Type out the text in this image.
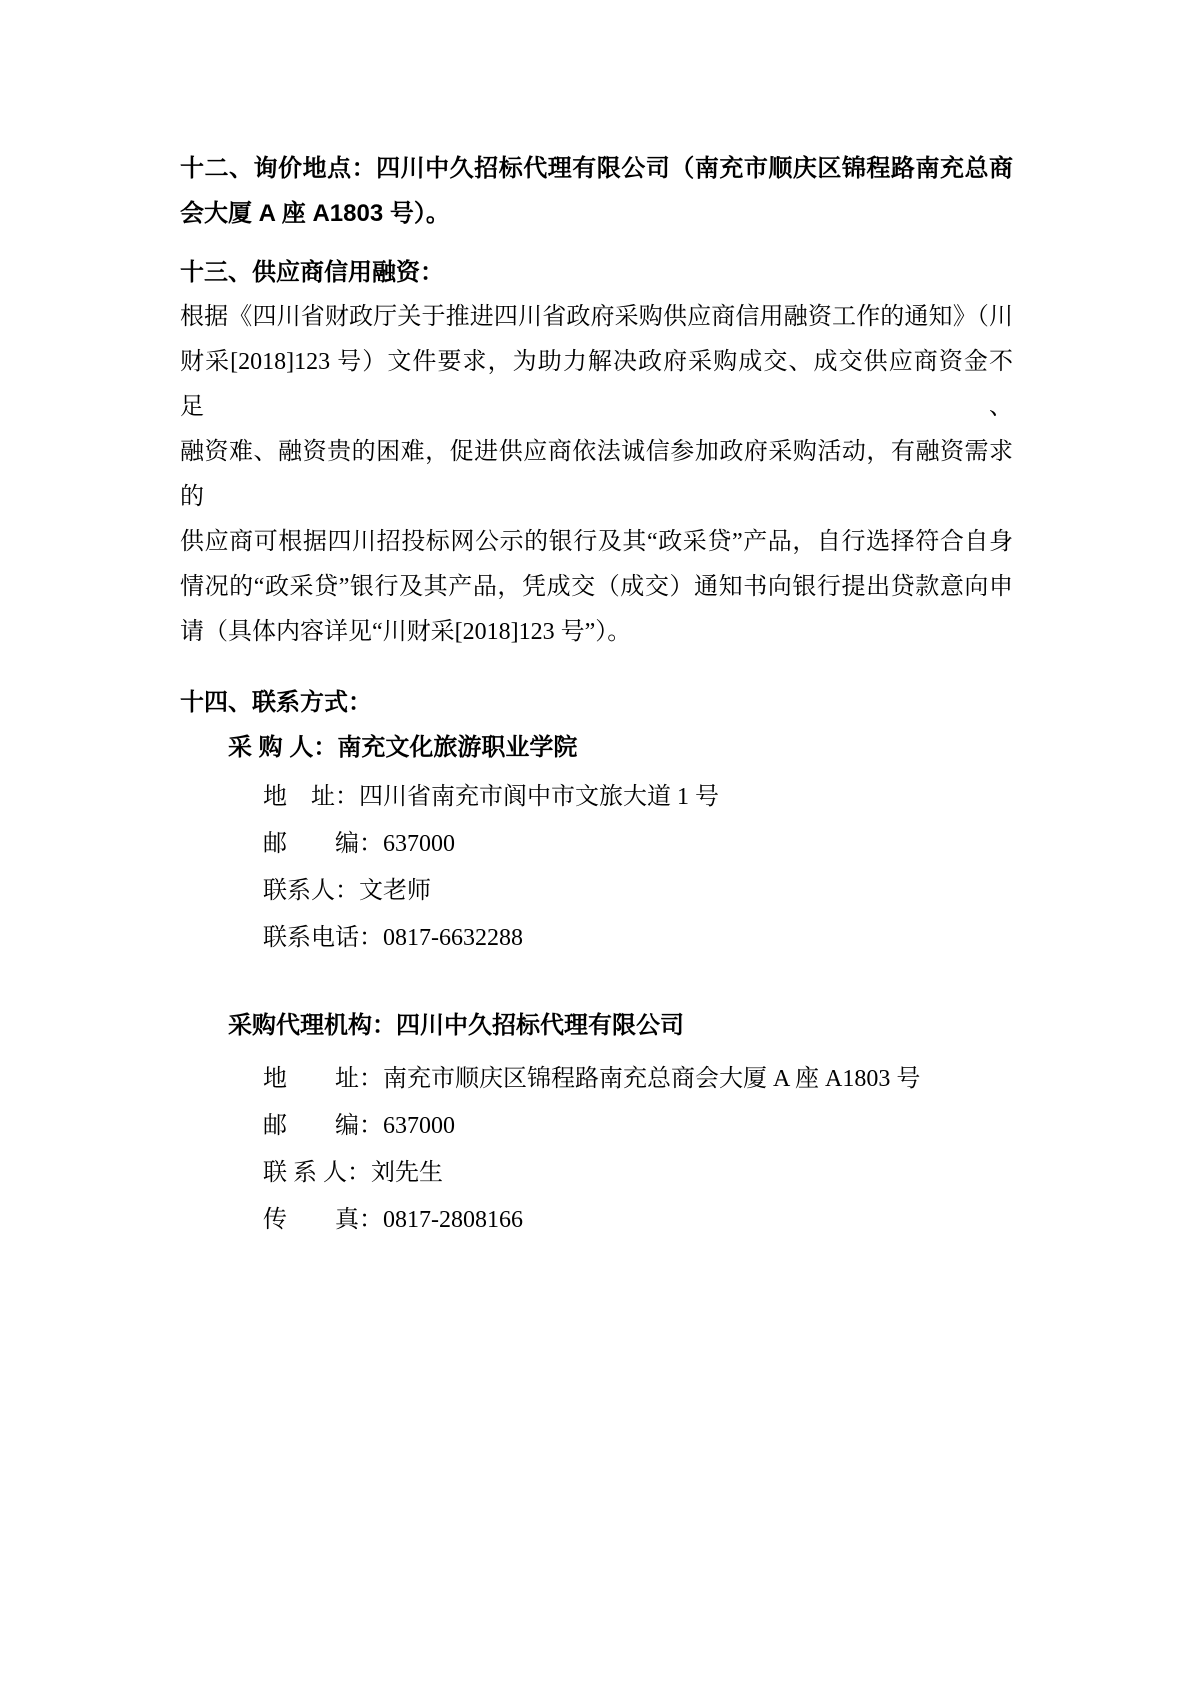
十二、询价地点：四川中久招标代理有限公司（南充市顺庆区锦程路南充总商
会大厦 A 座 A1803 号）。
十三、供应商信用融资：
根据《四川省财政厅关于推进四川省政府采购供应商信用融资工作的通知》（川
财采[2018]123 号）文件要求，为助力解决政府采购成交、成交供应商资金不足、
融资难、融资贵的困难，促进供应商依法诚信参加政府采购活动，有融资需求的
供应商可根据四川招投标网公示的银行及其“政采贷”产品，自行选择符合自身
情况的“政采贷”银行及其产品，凭成交（成交）通知书向银行提出贷款意向申
请（具体内容详见“川财采[2018]123 号”）。
十四、联系方式：
采 购 人：南充文化旅游职业学院
地　址：四川省南充市阆中市文旅大道 1 号
邮　　编：637000
联系人：文老师
联系电话：0817-6632288
采购代理机构：四川中久招标代理有限公司
地　　址：南充市顺庆区锦程路南充总商会大厦 A 座 A1803 号
邮　　编：637000
联 系 人：刘先生
传　　真：0817-2808166
